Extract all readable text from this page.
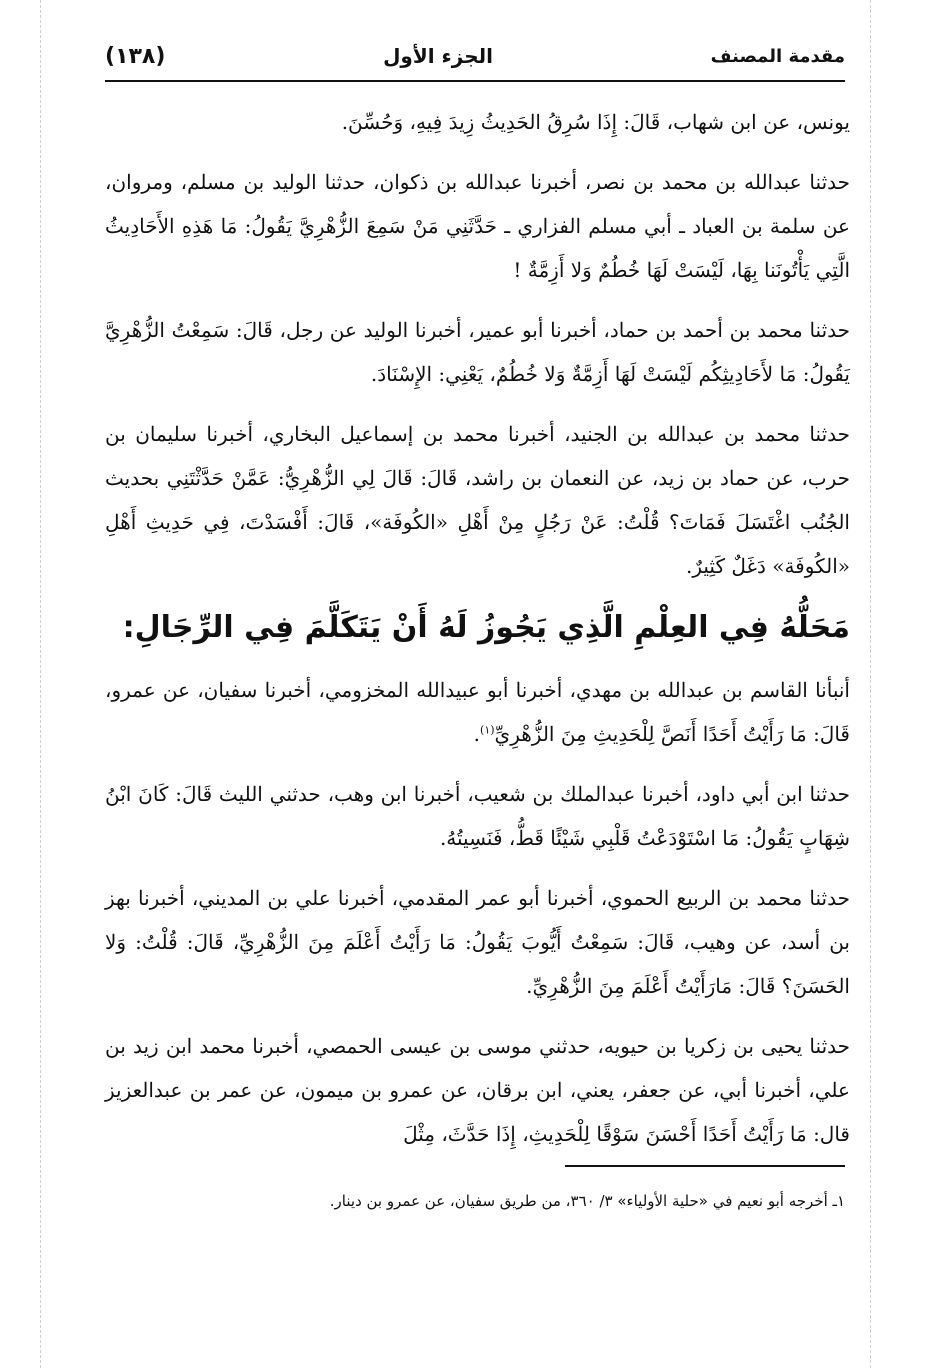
(١٣٨)	الجزء الأول	مقدمة المصنف

يونس، عن ابن شهاب، قَالَ: إِذَا سُرِقُ الحَدِيثُ زِيدَ فِيهِ، وَحُسِّنَ.

حدثنا عبدالله بن محمد بن نصر، أخبرنا عبدالله بن ذكوان، حدثنا الوليد بن مسلم، ومروان، عن سلمة بن العباد ـ أبي مسلم الفزاري ـ حَدَّثَنِي مَنْ سَمِعَ الزُّهْرِيَّ يَقُولُ: مَا هَذِهِ الأَحَادِيثُ الَّتِي يَأْتُونَنا بِهَا، لَيْسَتْ لَهَا خُطُمٌ وَلا أَزِمَّةٌ !

حدثنا محمد بن أحمد بن حماد، أخبرنا أبو عمير، أخبرنا الوليد عن رجل، قَالَ: سَمِعْتُ الزُّهْرِيَّ يَقُولُ: مَا لأَحَادِيثِكُم لَيْسَتْ لَهَا أَزِمَّةٌ وَلا خُطُمٌ، يَعْنِي: الإِسْنَادَ.

حدثنا محمد بن عبدالله بن الجنيد، أخبرنا محمد بن إسماعيل البخاري، أخبرنا سليمان بن حرب، عن حماد بن زيد، عن النعمان بن راشد، قَالَ: قَالَ لِي الزُّهْرِيُّ: عَمَّنْ حَدَّثْتَنِي بحديث الجُنُب اغْتَسَلَ فَمَاتَ؟ قُلْتُ: عَنْ رَجُلٍ مِنْ أَهْلِ «الكُوفَة»، قَالَ: أَفْسَدْتَ، فِي حَدِيثِ أَهْلِ «الكُوفَة» دَغَلٌ كَثِيرٌ.

مَحَلُّهُ فِي العِلْمِ الَّذِي يَجُوزُ لَهُ أَنْ يَتَكَلَّمَ فِي الرِّجَالِ:

أنبأنا القاسم بن عبدالله بن مهدي، أخبرنا أبو عبيدالله المخزومي، أخبرنا سفيان، عن عمرو، قَالَ: مَا رَأَيْتُ أَحَدًا أَنَصَّ لِلْحَدِيثِ مِنَ الزُّهْرِيِّ$^{(١)}$.

حدثنا ابن أبي داود، أخبرنا عبدالملك بن شعيب، أخبرنا ابن وهب، حدثني الليث قَالَ: كَانَ ابْنُ شِهَابٍ يَقُولُ: مَا اسْتَوْدَعْتُ قَلْبِي شَيْئًا قَطُّ، فَنَسِيتُهُ.

حدثنا محمد بن الربيع الحموي، أخبرنا أبو عمر المقدمي، أخبرنا علي بن المديني، أخبرنا بهز بن أسد، عن وهيب، قَالَ: سَمِعْتُ أَيُّوبَ يَقُولُ: مَا رَأَيْتُ أَعْلَمَ مِنَ الزُّهْرِيِّ، قَالَ: قُلْتُ: وَلا الحَسَنَ؟ قَالَ: مَارَأَيْتُ أَعْلَمَ مِنَ الزُّهْرِيِّ.

حدثنا يحيى بن زكريا بن حيويه، حدثني موسى بن عيسى الحمصي، أخبرنا محمد ابن زيد بن علي، أخبرنا أبي، عن جعفر، يعني، ابن برقان، عن عمرو بن ميمون، عن عمر بن عبدالعزيز قال: مَا رَأَيْتُ أَحَدًا أَحْسَنَ سَوْقًا لِلْحَدِيثِ، إِذَا حَدَّثَ، مِثْلَ

١ـ أخرجه أبو نعيم في «حلية الأولياء» ٣/ ٣٦٠، من طريق سفيان، عن عمرو بن دينار.
